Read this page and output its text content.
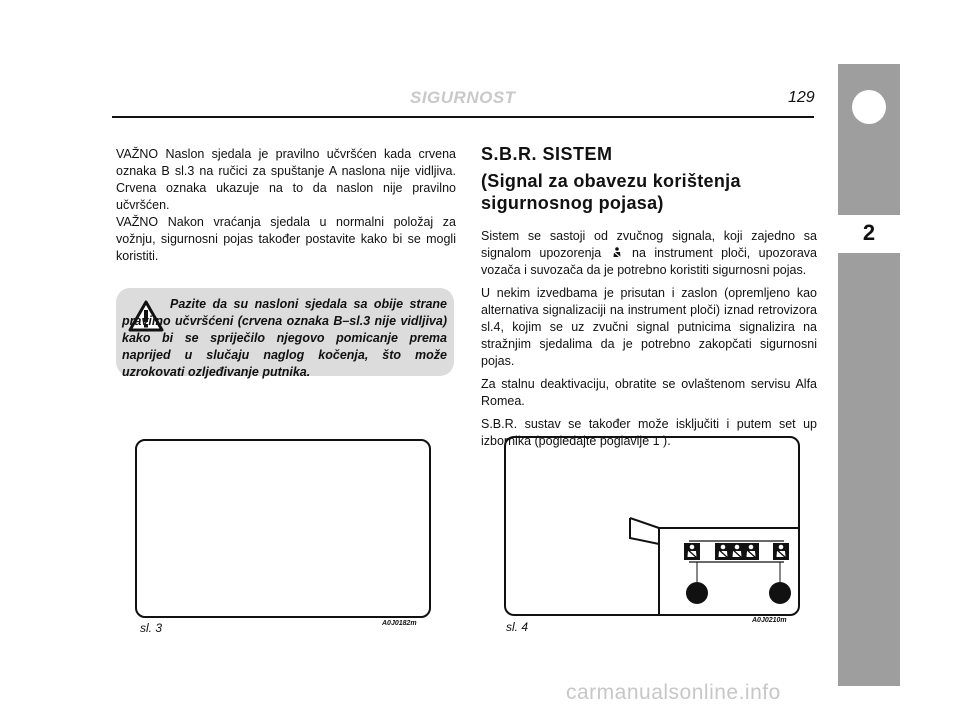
SIGURNOST	129
2

VAŽNO Naslon sjedala je pravilno učvršćen kada crvena oznaka B sl.3 na ručici za spuštanje A naslona nije vidljiva. Crvena oznaka ukazuje na to da naslon nije pravilno učvršćen.

VAŽNO Nakon vraćanja sjedala u normalni položaj za vožnju, sigurnosni pojas također postavite kako bi se mogli koristiti.

Pazite da su nasloni sjedala sa obije strane pravilno učvršćeni (crvena oznaka B–sl.3 nije vidljiva) kako bi se spriječilo njegovo pomicanje prema naprijed u slučaju naglog kočenja, što može uzrokovati ozljeđivanje putnika.

S.B.R. SISTEM
(Signal za obavezu korištenja sigurnosnog pojasa)

Sistem se sastoji od zvučnog signala, koji zajedno sa signalom upozorenja na instrument ploči, upozorava vozača i suvozača da je potrebno koristiti sigurnosni pojas.

U nekim izvedbama je prisutan i zaslon (opremljeno kao alternativa signalizaciji na instrument ploči) iznad retrovizora sl.4, kojim se uz zvučni signal putnicima signalizira na stražnjim sjedalima da je potrebno zakopčati sigurnosni pojas.

Za stalnu deaktivaciju, obratite se ovlaštenom servisu Alfa Romea.

S.B.R. sustav se također može isključiti i putem set up izbornika (pogledajte poglavlje 1 ).

sl. 3	A0J0182m	sl. 4	A0J0210m
carmanualsonline.info
